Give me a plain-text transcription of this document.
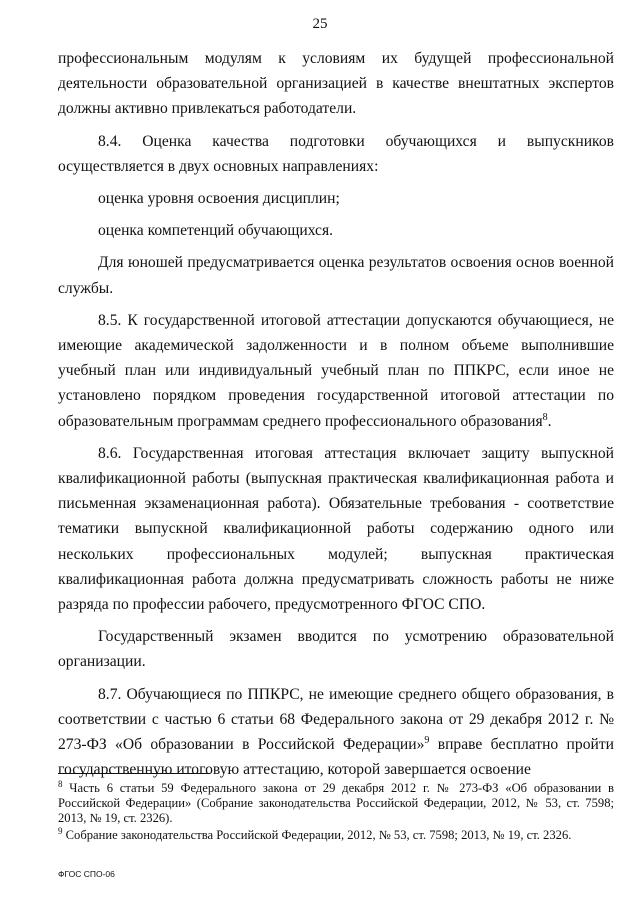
25

профессиональным модулям к условиям их будущей профессиональной деятельности образовательной организацией в качестве внештатных экспертов должны активно привлекаться работодатели.

8.4. Оценка качества подготовки обучающихся и выпускников осуществляется в двух основных направлениях:

оценка уровня освоения дисциплин;

оценка компетенций обучающихся.

Для юношей предусматривается оценка результатов освоения основ военной службы.

8.5. К государственной итоговой аттестации допускаются обучающиеся, не имеющие академической задолженности и в полном объеме выполнившие учебный план или индивидуальный учебный план по ППКРС, если иное не установлено порядком проведения государственной итоговой аттестации по образовательным программам среднего профессионального образования$^8$.

8.6. Государственная итоговая аттестация включает защиту выпускной квалификационной работы (выпускная практическая квалификационная работа и письменная экзаменационная работа). Обязательные требования - соответствие тематики выпускной квалификационной работы содержанию одного или нескольких профессиональных модулей; выпускная практическая квалификационная работа должна предусматривать сложность работы не ниже разряда по профессии рабочего, предусмотренного ФГОС СПО.

Государственный экзамен вводится по усмотрению образовательной организации.

8.7. Обучающиеся по ППКРС, не имеющие среднего общего образования, в соответствии с частью 6 статьи 68 Федерального закона от 29 декабря 2012 г. № 273-ФЗ «Об образовании в Российской Федерации»$^9$ вправе бесплатно пройти государственную итоговую аттестацию, которой завершается освоение

$^8$ Часть 6 статьи 59 Федерального закона от 29 декабря 2012 г. № 273-ФЗ «Об образовании в Российской Федерации» (Собрание законодательства Российской Федерации, 2012, № 53, ст. 7598; 2013, № 19, ст. 2326).

$^9$ Собрание законодательства Российской Федерации, 2012, № 53, ст. 7598; 2013, № 19, ст. 2326.

ФГОС СПО-06
